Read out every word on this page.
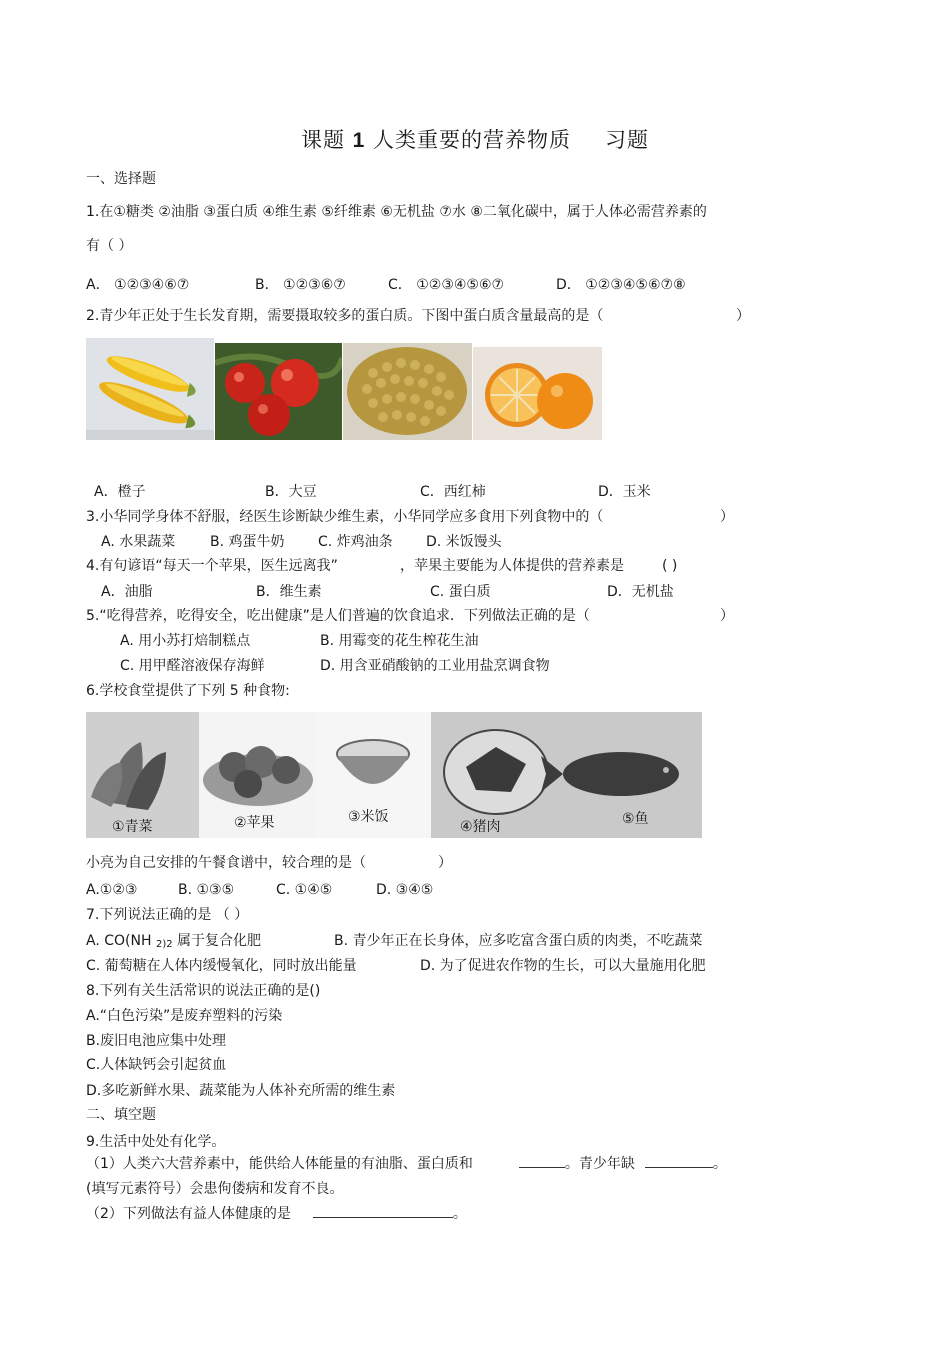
课题 1 人类重要的营养物质 习题
一、选择题
1.在①糖类 ②油脂 ③蛋白质 ④维生素 ⑤纤维素 ⑥无机盐 ⑦水 ⑧二氧化碳中，属于人体必需营养素的
有（ ）
A． ①②③④⑥⑦	B． ①②③⑥⑦	C． ①②③④⑤⑥⑦	D． ①②③④⑤⑥⑦⑧
2.青少年正处于生长发育期，需要摄取较多的蛋白质。下图中蛋白质含量最高的是（	）
A．橙子	B．大豆	C．西红柿	D．玉米
3.小华同学身体不舒服，经医生诊断缺少维生素，小华同学应多食用下列食物中的（	）
A. 水果蔬菜 B. 鸡蛋牛奶 C. 炸鸡油条 D. 米饭馒头
4.有句谚语“每天一个苹果，医生远离我”	，苹果主要能为人体提供的营养素是	( )
A．油脂	B．维生素	C. 蛋白质	D．无机盐
5.“吃得营养，吃得安全，吃出健康”是人们普遍的饮食追求．下列做法正确的是（	）
A. 用小苏打焙制糕点	B. 用霉变的花生榨花生油
C. 用甲醛溶液保存海鲜	D. 用含亚硝酸钠的工业用盐烹调食物
6.学校食堂提供了下列 5 种食物:
①青菜	②苹果	③米饭
④猪肉	⑤鱼
小亮为自己安排的午餐食谱中，较合理的是（	）
A.①②③	B. ①③⑤	C. ①④⑤	D. ③④⑤
7.下列说法正确的是 （ ）
A. CO(NH $_{2)2}$ 属于复合化肥	B. 青少年正在长身体，应多吃富含蛋白质的肉类，不吃蔬菜
C. 葡萄糖在人体内缓慢氧化，同时放出能量	D. 为了促进农作物的生长，可以大量施用化肥
8.下列有关生活常识的说法正确的是()
A.“白色污染”是废弃塑料的污染
B.废旧电池应集中处理
C.人体缺钙会引起贫血
D.多吃新鲜水果、蔬菜能为人体补充所需的维生素
二、填空题
9.生活中处处有化学。
（1）人类六大营养素中，能供给人体能量的有油脂、蛋白质和	。青少年缺	。
(填写元素符号）会患佝偻病和发育不良。
（2）下列做法有益人体健康的是	。
